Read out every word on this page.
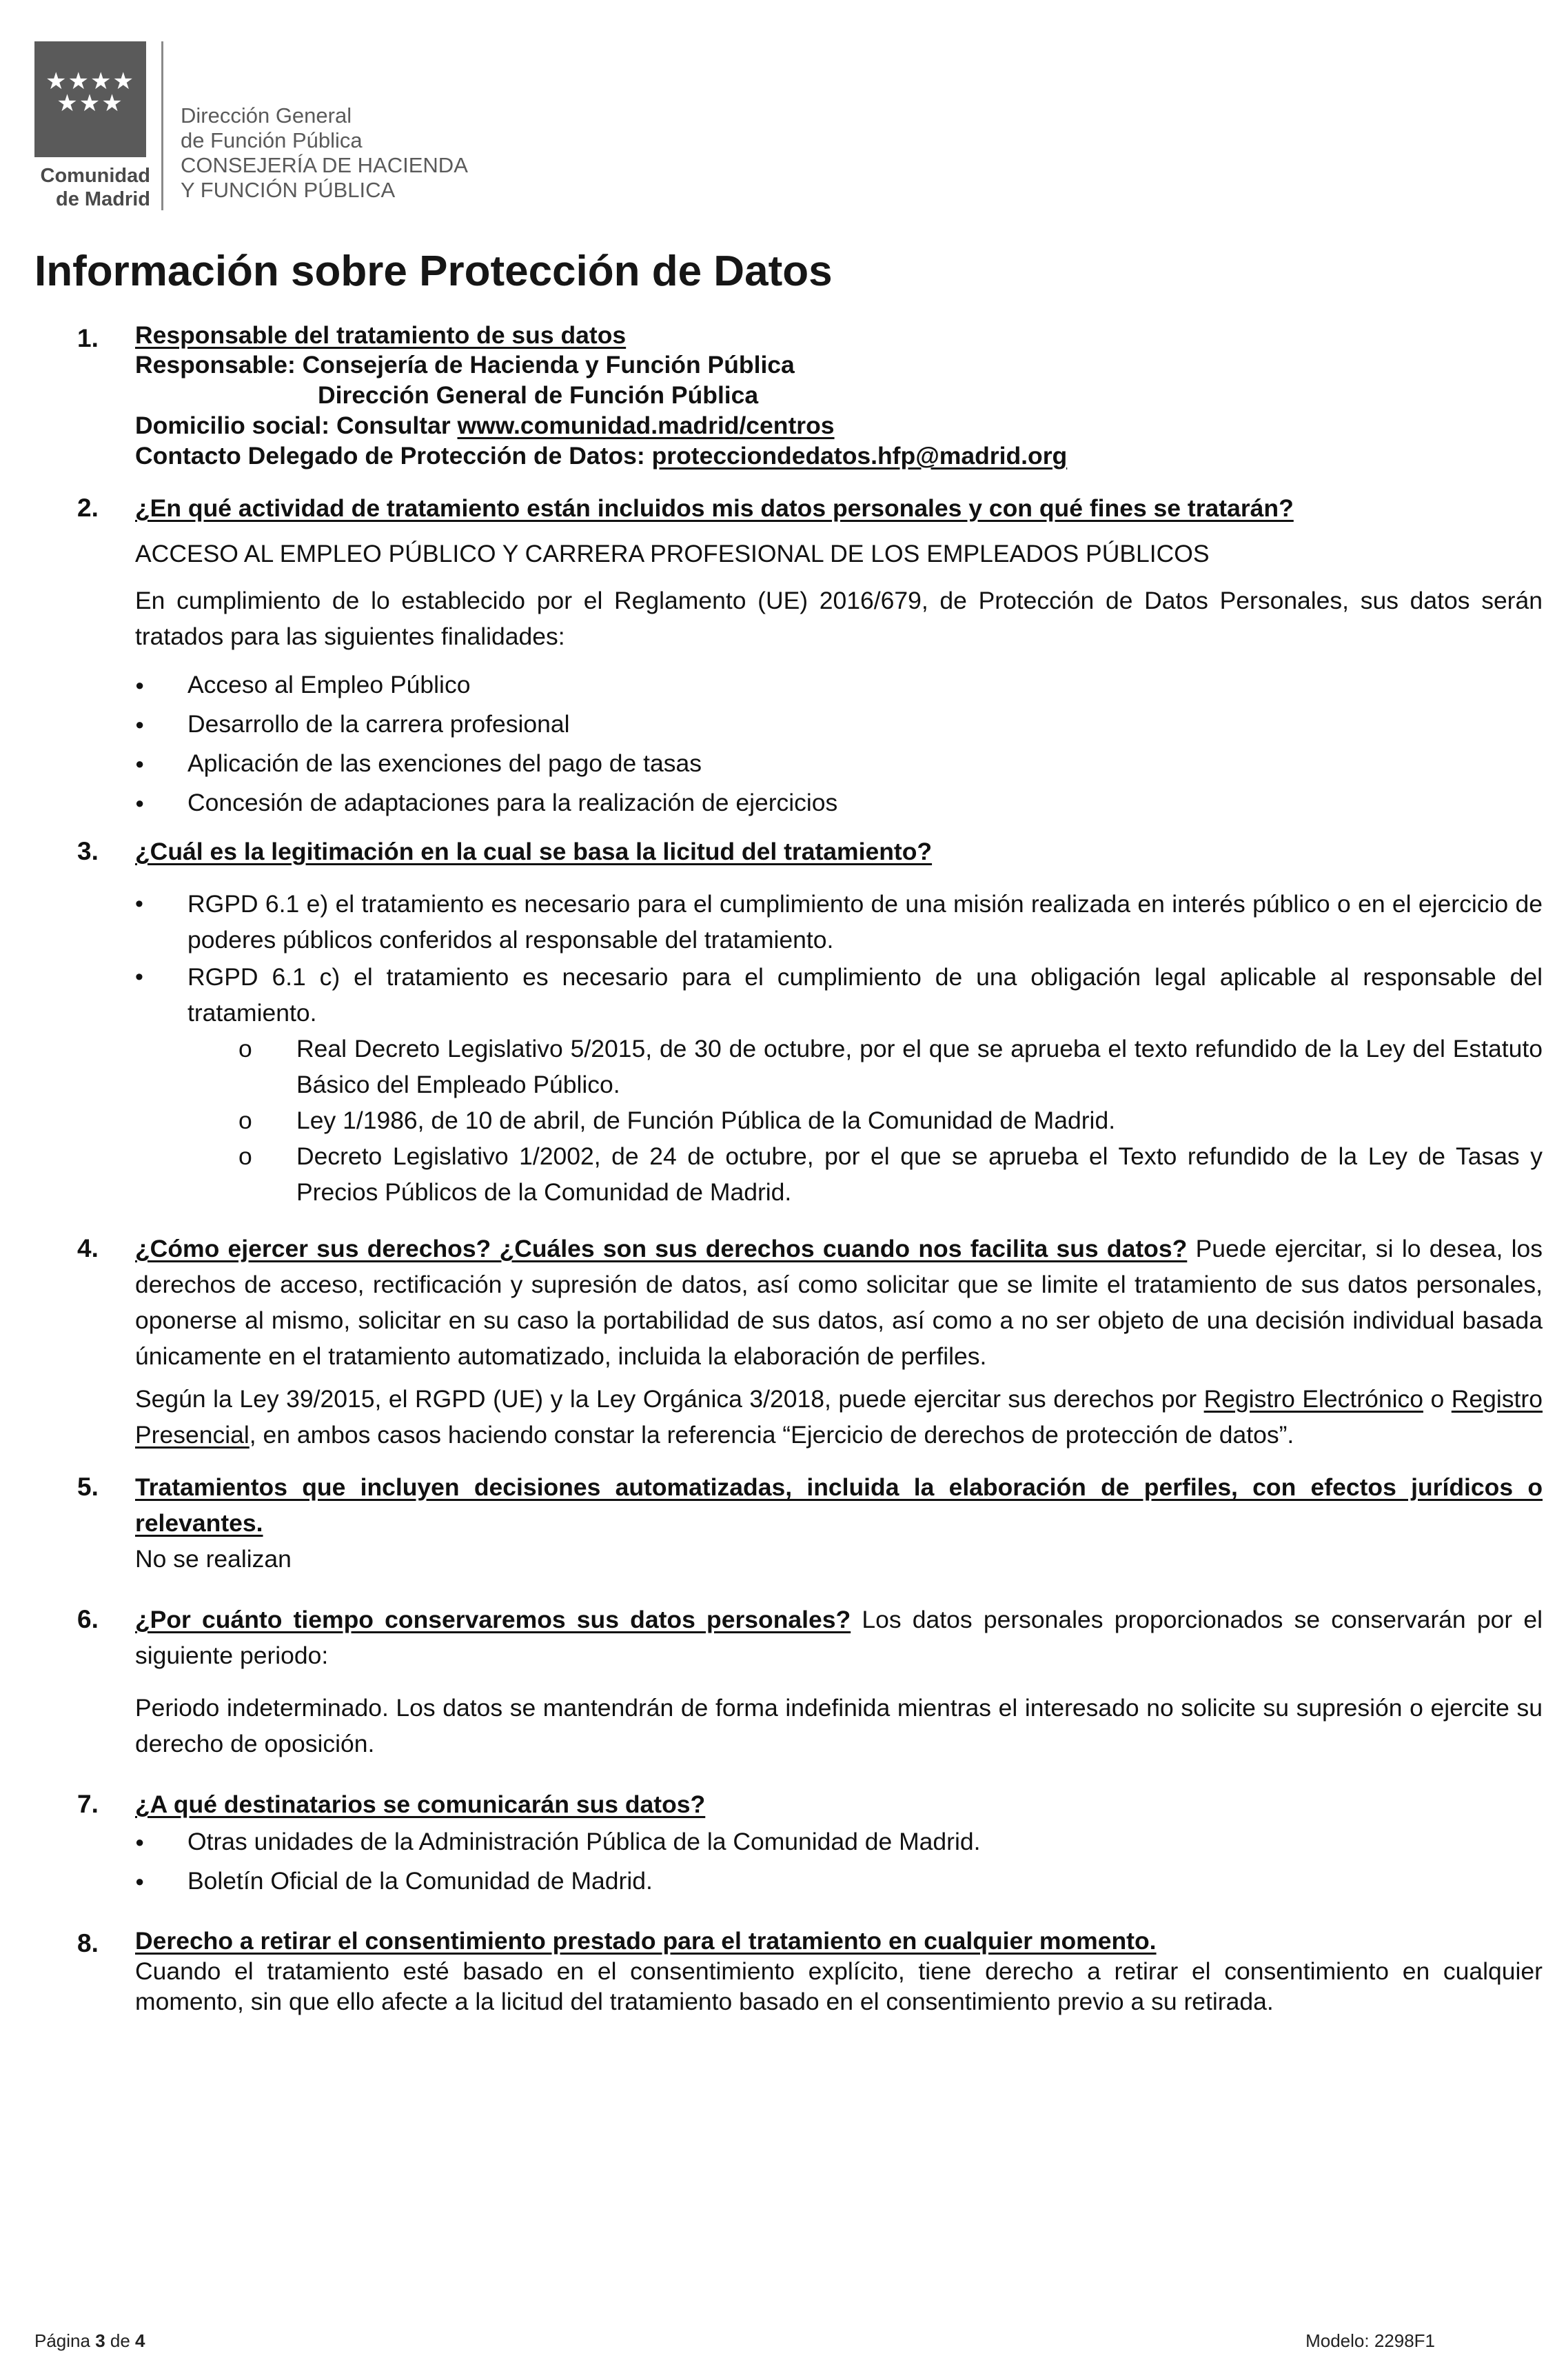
★★★★
★★★
Comunidad
de Madrid
Dirección General
de Función Pública
CONSEJERÍA DE HACIENDA
Y FUNCIÓN PÚBLICA
Información sobre Protección de Datos
1. Responsable del tratamiento de sus datos
Responsable: Consejería de Hacienda y Función Pública
Dirección General de Función Pública
Domicilio social: Consultar www.comunidad.madrid/centros
Contacto Delegado de Protección de Datos: protecciondedatos.hfp@madrid.org
2. ¿En qué actividad de tratamiento están incluidos mis datos personales y con qué fines se tratarán?

ACCESO AL EMPLEO PÚBLICO Y CARRERA PROFESIONAL DE LOS EMPLEADOS PÚBLICOS

En cumplimiento de lo establecido por el Reglamento (UE) 2016/679, de Protección de Datos Personales, sus datos serán tratados para las siguientes finalidades:

● Acceso al Empleo Público
● Desarrollo de la carrera profesional
● Aplicación de las exenciones del pago de tasas
● Concesión de adaptaciones para la realización de ejercicios
3. ¿Cuál es la legitimación en la cual se basa la licitud del tratamiento?
• RGPD 6.1 e) el tratamiento es necesario para el cumplimiento de una misión realizada en interés público o en el ejercicio de poderes públicos conferidos al responsable del tratamiento.
• RGPD 6.1 c) el tratamiento es necesario para el cumplimiento de una obligación legal aplicable al responsable del tratamiento.
o Real Decreto Legislativo 5/2015, de 30 de octubre, por el que se aprueba el texto refundido de la Ley del Estatuto Básico del Empleado Público.
o Ley 1/1986, de 10 de abril, de Función Pública de la Comunidad de Madrid.
o Decreto Legislativo 1/2002, de 24 de octubre, por el que se aprueba el Texto refundido de la Ley de Tasas y Precios Públicos de la Comunidad de Madrid.
4. ¿Cómo ejercer sus derechos? ¿Cuáles son sus derechos cuando nos facilita sus datos? Puede ejercitar, si lo desea, los derechos de acceso, rectificación y supresión de datos, así como solicitar que se limite el tratamiento de sus datos personales, oponerse al mismo, solicitar en su caso la portabilidad de sus datos, así como a no ser objeto de una decisión individual basada únicamente en el tratamiento automatizado, incluida la elaboración de perfiles.

Según la Ley 39/2015, el RGPD (UE) y la Ley Orgánica 3/2018, puede ejercitar sus derechos por Registro Electrónico o Registro Presencial, en ambos casos haciendo constar la referencia “Ejercicio de derechos de protección de datos”.

5. Tratamientos que incluyen decisiones automatizadas, incluida la elaboración de perfiles, con efectos jurídicos o relevantes.

No se realizan

6. ¿Por cuánto tiempo conservaremos sus datos personales? Los datos personales proporcionados se conservarán por el siguiente periodo:

Periodo indeterminado. Los datos se mantendrán de forma indefinida mientras el interesado no solicite su supresión o ejercite su derecho de oposición.

7. ¿A qué destinatarios se comunicarán sus datos?
● Otras unidades de la Administración Pública de la Comunidad de Madrid.
● Boletín Oficial de la Comunidad de Madrid.
8. Derecho a retirar el consentimiento prestado para el tratamiento en cualquier momento.

Cuando el tratamiento esté basado en el consentimiento explícito, tiene derecho a retirar el consentimiento en cualquier momento, sin que ello afecte a la licitud del tratamiento basado en el consentimiento previo a su retirada.

Página 3 de 4	Modelo: 2298F1
